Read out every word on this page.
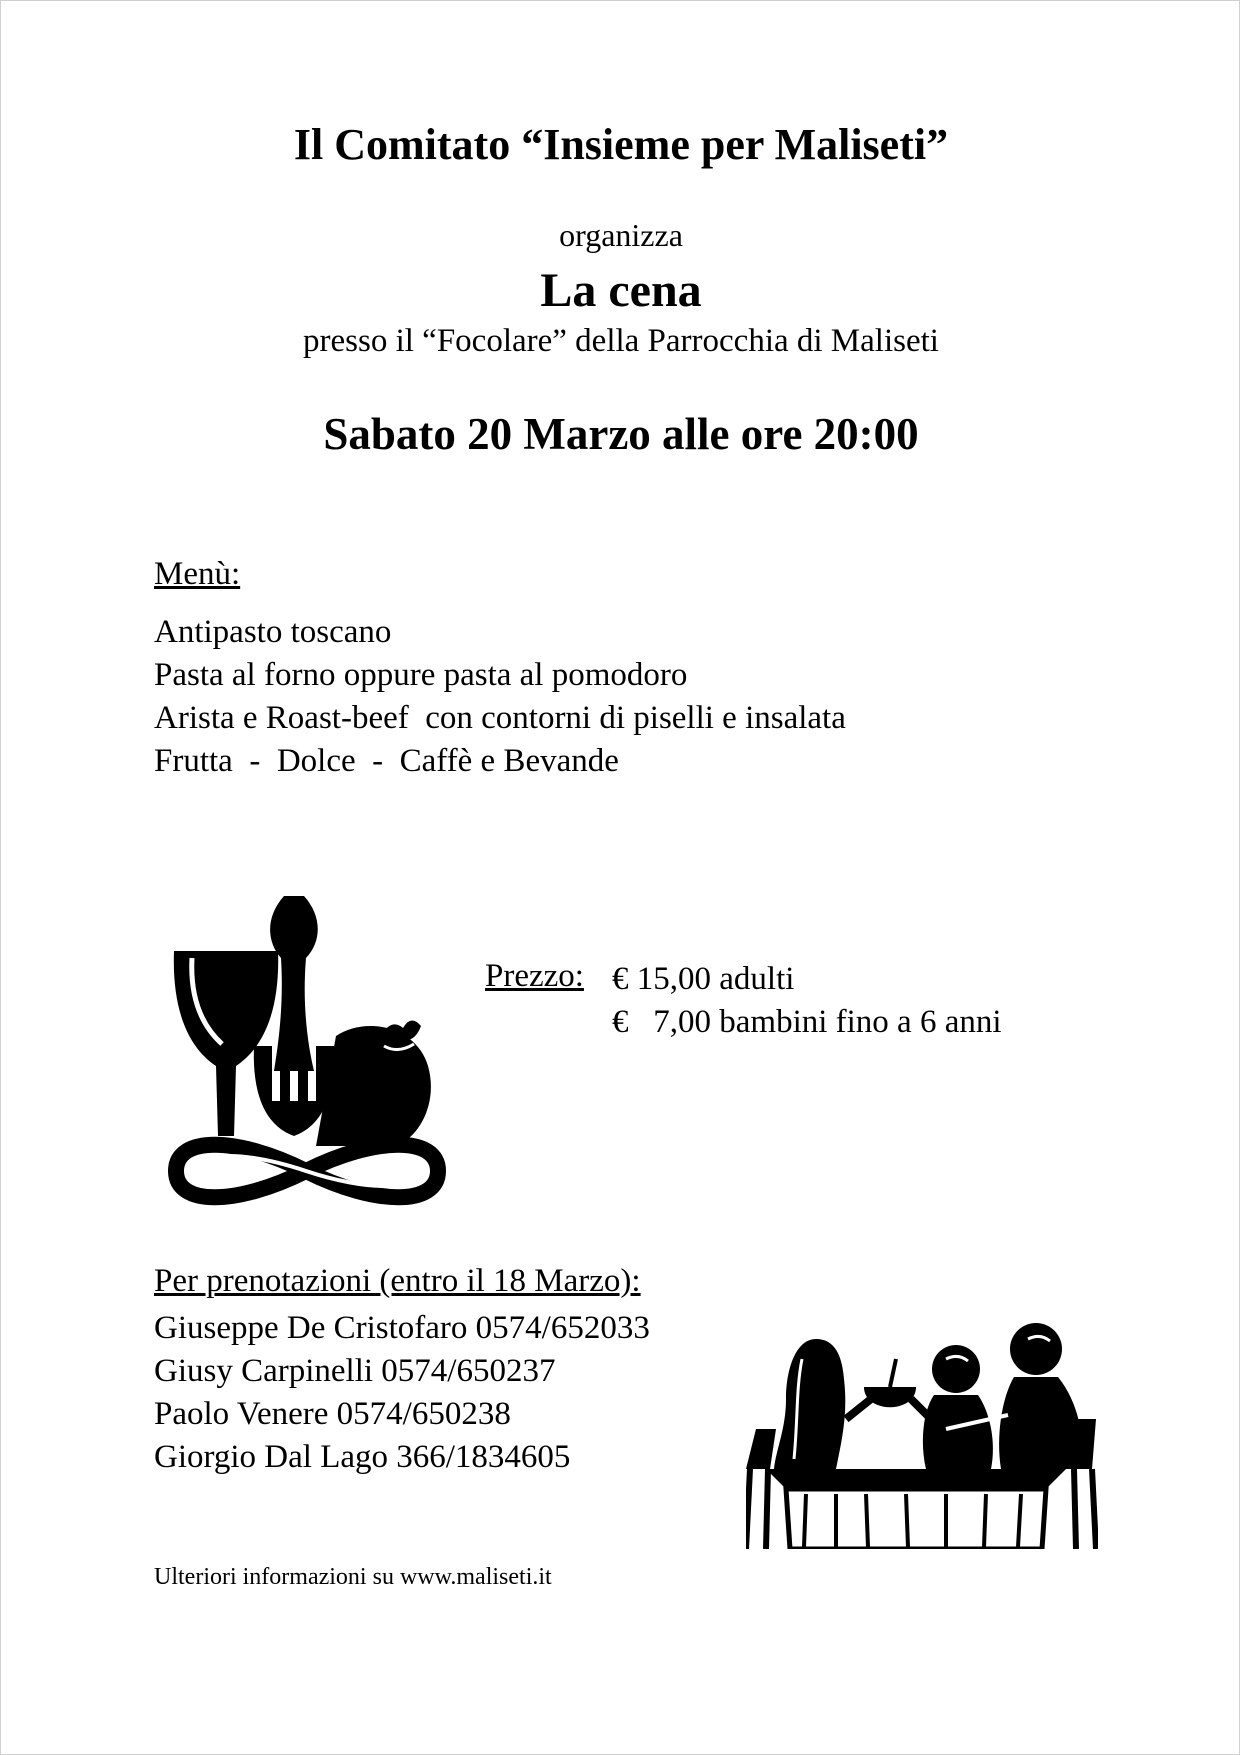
Il Comitato “Insieme per Maliseti”
organizza
La cena
presso il “Focolare” della Parrocchia di Maliseti
Sabato 20 Marzo alle ore 20:00
Menù:
Antipasto toscano
Pasta al forno oppure pasta al pomodoro
Arista e Roast-beef  con contorni di piselli e insalata
Frutta  -  Dolce  -  Caffè e Bevande
Prezzo: € 15,00 adulti
€   7,00 bambini fino a 6 anni
Per prenotazioni (entro il 18 Marzo):
Giuseppe De Cristofaro 0574/652033
Giusy Carpinelli 0574/650237
Paolo Venere 0574/650238
Giorgio Dal Lago 366/1834605
Ulteriori informazioni su www.maliseti.it
